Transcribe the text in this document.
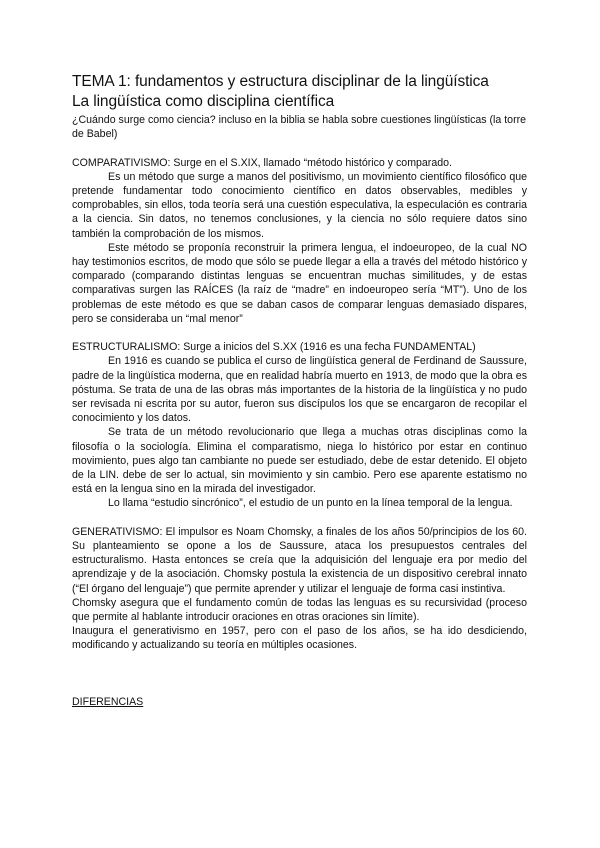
TEMA 1: fundamentos y estructura disciplinar de la lingüística
La lingüística como disciplina científica

¿Cuándo surge como ciencia? incluso en la biblia se habla sobre cuestiones lingüísticas (la torre de Babel)

COMPARATIVISMO: Surge en el S.XIX, llamado “método histórico y comparado.

Es un método que surge a manos del positivismo, un movimiento científico filosófico que pretende fundamentar todo conocimiento científico en datos observables, medibles y comprobables, sin ellos, toda teoría será una cuestión especulativa, la especulación es contraria a la ciencia. Sin datos, no tenemos conclusiones, y la ciencia no sólo requiere datos sino también la comprobación de los mismos.

Este método se proponía reconstruir la primera lengua, el indoeuropeo, de la cual NO hay testimonios escritos, de modo que sólo se puede llegar a ella a través del método histórico y comparado (comparando distintas lenguas se encuentran muchas similitudes, y de estas comparativas surgen las RAÍCES (la raíz de “madre” en indoeuropeo sería “MT”). Uno de los problemas de este método es que se daban casos de comparar lenguas demasiado dispares, pero se consideraba un “mal menor”

ESTRUCTURALISMO: Surge a inicios del S.XX (1916 es una fecha FUNDAMENTAL)

En 1916 es cuando se publica el curso de lingüística general de Ferdinand de Saussure, padre de la lingüística moderna, que en realidad habría muerto en 1913, de modo que la obra es póstuma. Se trata de una de las obras más importantes de la historia de la lingüística y no pudo ser revisada ni escrita por su autor, fueron sus discípulos los que se encargaron de recopilar el conocimiento y los datos.

Se trata de un método revolucionario que llega a muchas otras disciplinas como la filosofía o la sociología. Elimina el comparatismo, niega lo histórico por estar en continuo movimiento, pues algo tan cambiante no puede ser estudiado, debe de estar detenido. El objeto de la LIN. debe de ser lo actual, sin movimiento y sin cambio. Pero ese aparente estatismo no está en la lengua sino en la mirada del investigador.

Lo llama “estudio sincrónico”, el estudio de un punto en la línea temporal de la lengua.

GENERATIVISMO: El impulsor es Noam Chomsky, a finales de los años 50/principios de los 60. Su planteamiento se opone a los de Saussure, ataca los presupuestos centrales del estructuralismo. Hasta entonces se creía que la adquisición del lenguaje era por medio del aprendizaje y de la asociación. Chomsky postula la existencia de un dispositivo cerebral innato (“El órgano del lenguaje”) que permite aprender y utilizar el lenguaje de forma casi instintiva.

Chomsky asegura que el fundamento común de todas las lenguas es su recursividad (proceso que permite al hablante introducir oraciones en otras oraciones sin límite).

Inaugura el generativismo en 1957, pero con el paso de los años, se ha ido desdiciendo, modificando y actualizando su teoría en múltiples ocasiones.

DIFERENCIAS
